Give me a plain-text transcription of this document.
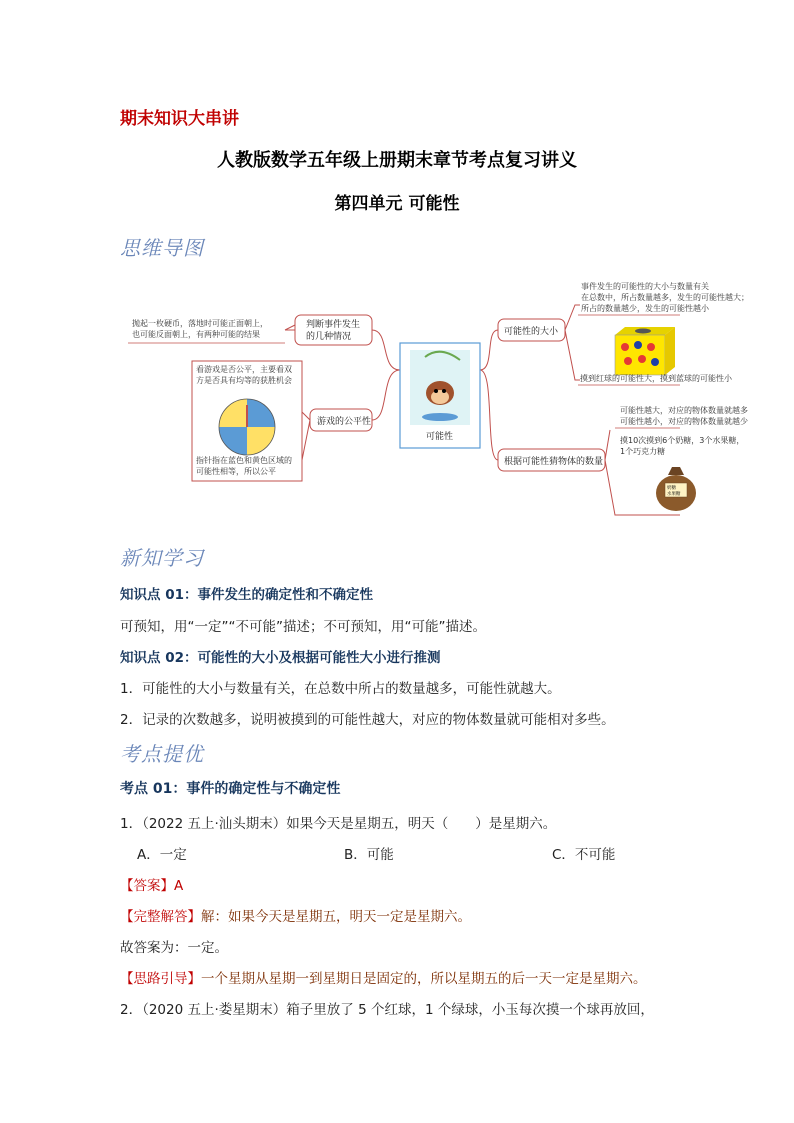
期末知识大串讲
人教版数学五年级上册期末章节考点复习讲义
第四单元 可能性
思维导图
判断事件发生
的几种情况
抛起一枚硬币，落地时可能正面朝上，
也可能反面朝上，有两种可能的结果
游戏的公平性
看游戏是否公平，主要看双
方是否具有均等的获胜机会
指针指在蓝色和黄色区域的
可能性相等，所以公平
可能性
可能性的大小
事件发生的可能性的大小与数量有关
在总数中，所占数量越多，发生的可能性越大；
所占的数量越少，发生的可能性越小
摸到红球的可能性大，摸到蓝球的可能性小
根据可能性猜物体的数量
可能性越大，对应的物体数量就越多
可能性越小，对应的物体数量就越少
摸10次摸到6个奶糖，3个水果糖，
1个巧克力糖
奶糖
水果糖
新知学习
知识点 01：事件发生的确定性和不确定性
可预知，用“一定”“不可能”描述；不可预知，用“可能”描述。
知识点 02：可能性的大小及根据可能性大小进行推测
1．可能性的大小与数量有关，在总数中所占的数量越多，可能性就越大。
2．记录的次数越多，说明被摸到的可能性越大，对应的物体数量就可能相对多些。
考点提优
考点 01：事件的确定性与不确定性
1．（2022 五上·汕头期末）如果今天是星期五，明天（　　）是星期六。
A．一定	B．可能	C．不可能
【答案】A
【完整解答】解：如果今天是星期五，明天一定是星期六。
故答案为：一定。
【思路引导】一个星期从星期一到星期日是固定的，所以星期五的后一天一定是星期六。
2．（2020 五上·娄星期末）箱子里放了 5 个红球，1 个绿球，小玉每次摸一个球再放回，
